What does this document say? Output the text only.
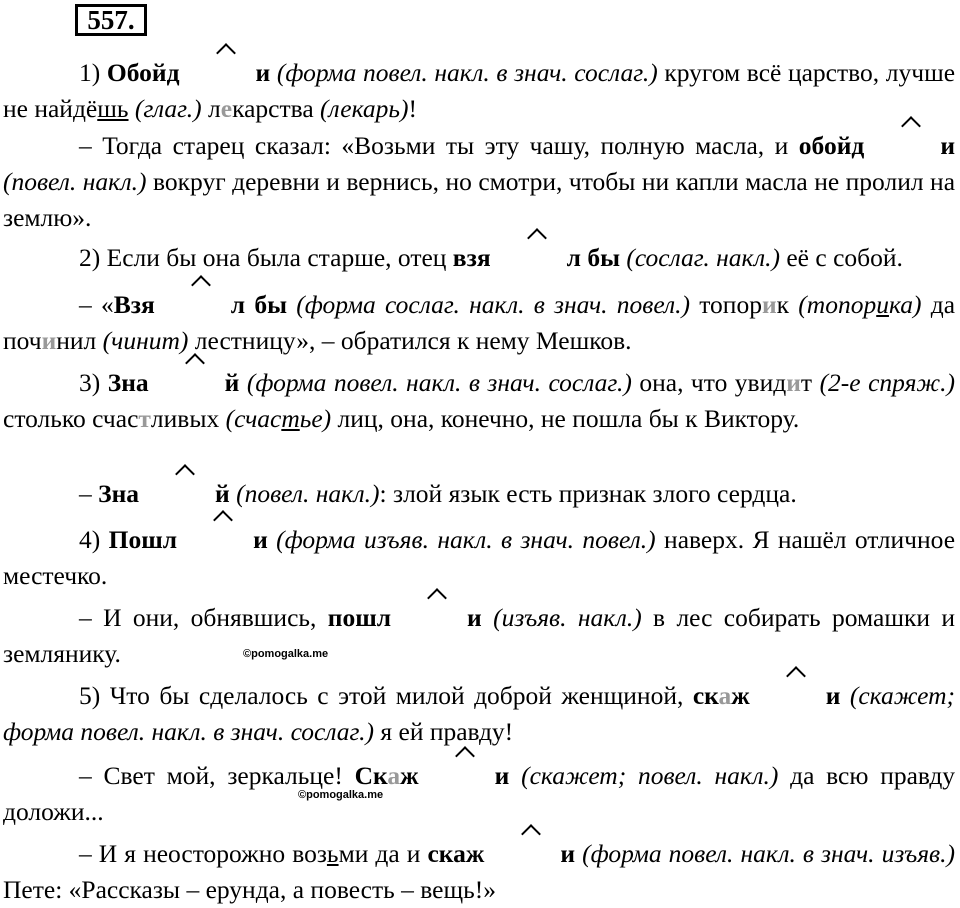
557.

1) Обойд	и (форма повел. накл. в знач. сослаг.) кругом всё царство, лучше не найдёшь (глаг.) лекарства (лекарь)!

– Тогда старец сказал: «Возьми ты эту чашу, полную масла, и обойд	и (повел. накл.) вокруг деревни и вернись, но смотри, чтобы ни капли масла не пролил на землю».

2) Если бы она была старше, отец взя	л бы (сослаг. накл.) её с собой.

– «Взя	л бы (форма сослаг. накл. в знач. повел.) топорик (топорика) да починил (чинит) лестницу», – обратился к нему Мешков.

3) Зна	й (форма повел. накл. в знач. сослаг.) она, что увидит (2-е спряж.) столько счастливых (счастье) лиц, она, конечно, не пошла бы к Виктору.

– Зна	й (повел. накл.): злой язык есть признак злого сердца.

4) Пошл	и (форма изъяв. накл. в знач. повел.) наверх. Я нашёл отличное местечко.

– И они, обнявшись, пошл	и (изъяв. накл.) в лес собирать ромашки и землянику.	©pomogalka.me

5) Что бы сделалось с этой милой доброй женщиной, скаж	и (скажет; форма повел. накл. в знач. сослаг.) я ей правду!

– Свет мой, зеркальце! Скаж	и (скажет; повел. накл.) да всю правду доложи...

©pomogalka.me

– И я неосторожно возьми да и скаж	и (форма повел. накл. в знач. изъяв.) Пете: «Рассказы – ерунда, а повесть – вещь!»
